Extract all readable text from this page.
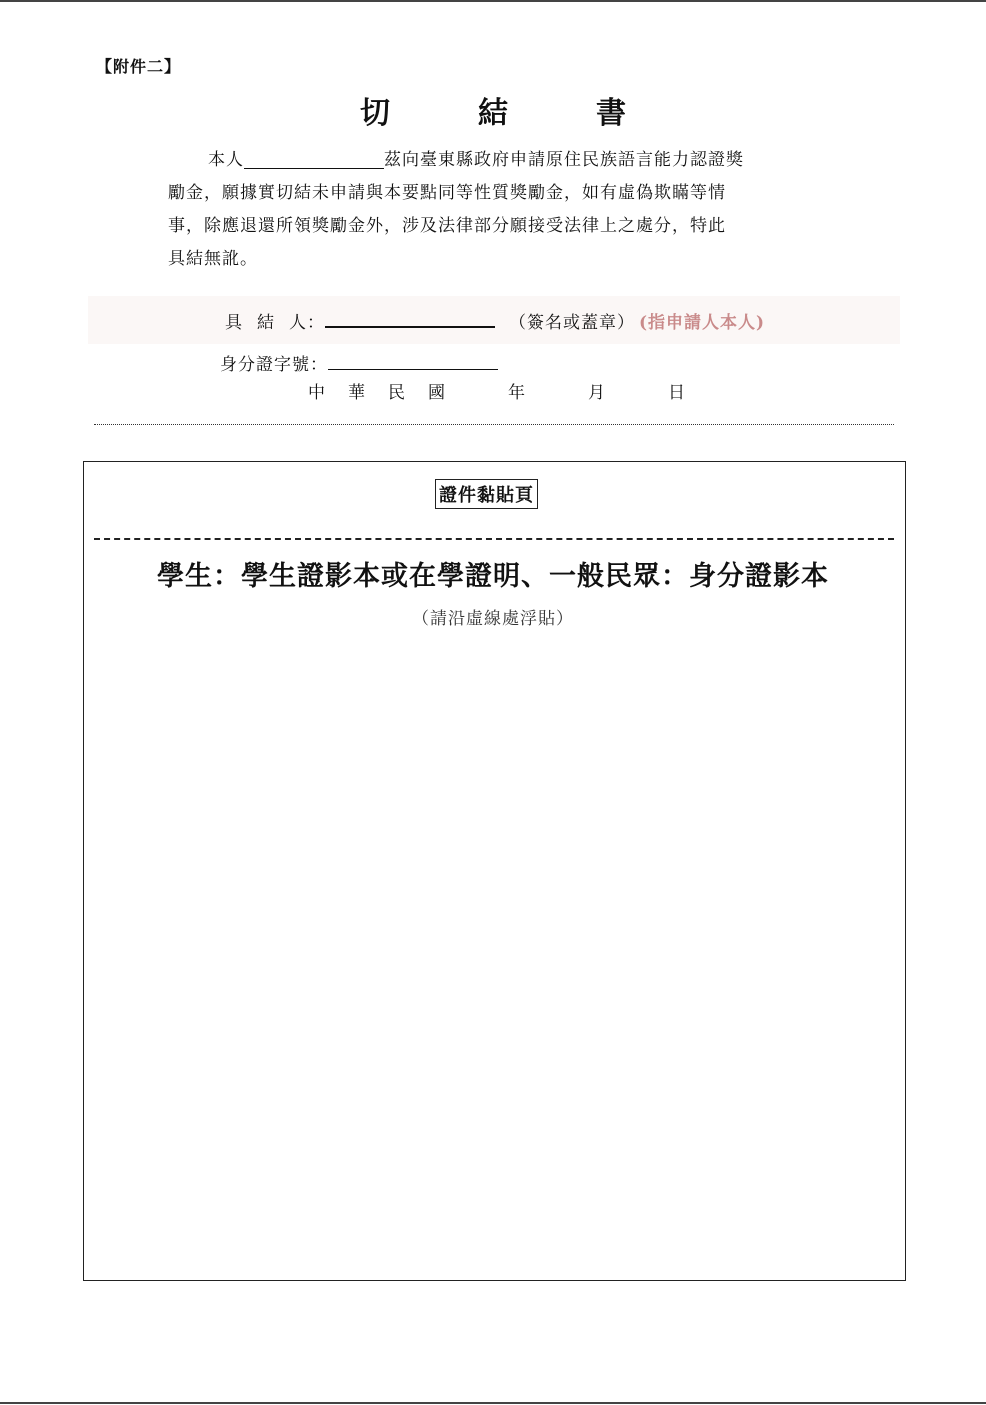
【附件二】
切	結	書

本人	茲向臺東縣政府申請原住民族語言能力認證獎

勵金，願據實切結未申請與本要點同等性質獎勵金，如有虛偽欺瞞等情

事，除應退還所領獎勵金外，涉及法律部分願接受法律上之處分，特此

具結無訛。

具 結 人：	（簽名或蓋章） (指申請人本人)
身分證字號：
中 華 民 國	年	月	日
證件黏貼頁
學生：學生證影本或在學證明、一般民眾：身分證影本
（請沿虛線處浮貼）
